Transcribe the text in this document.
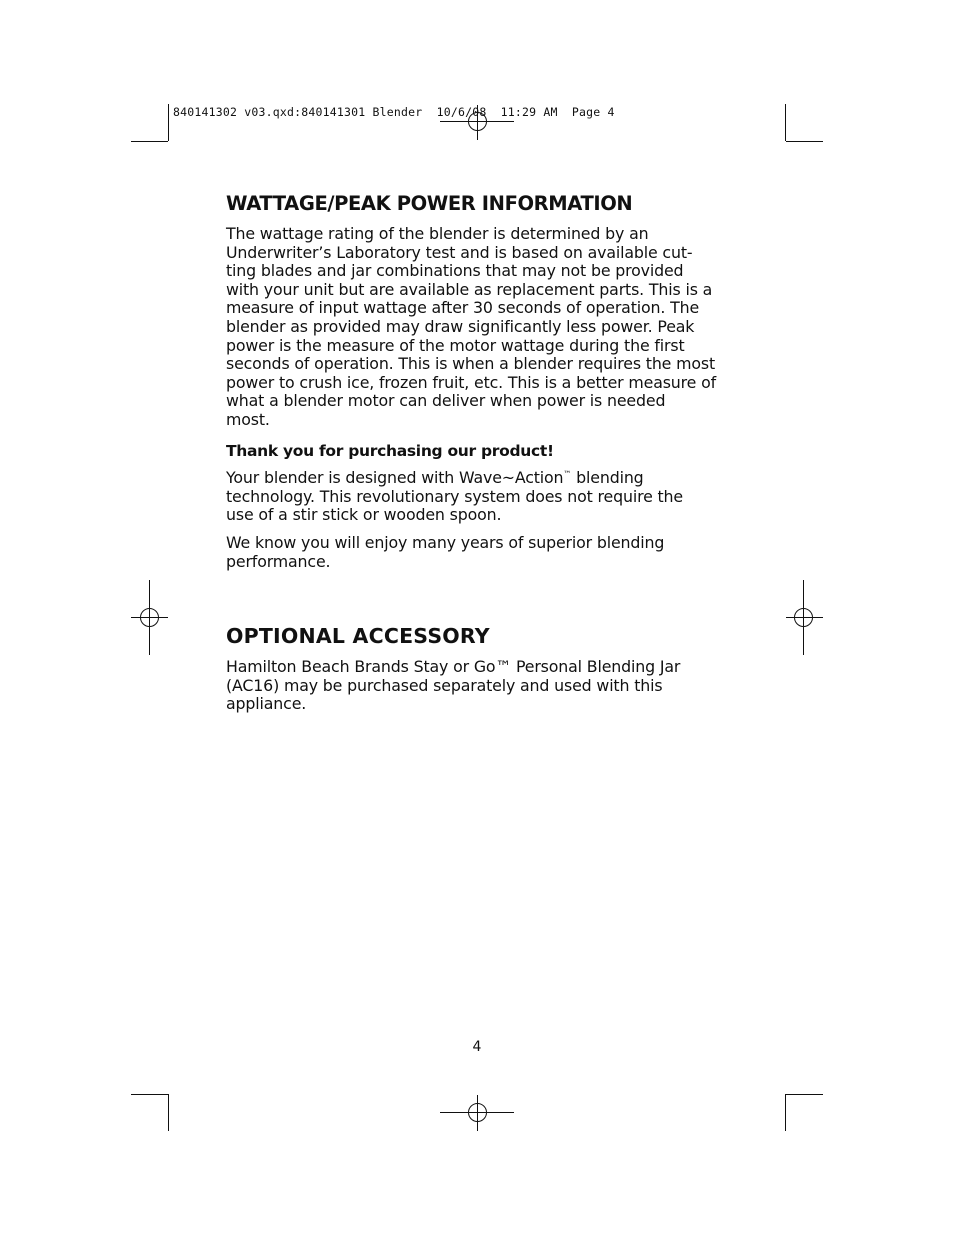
840141302 v03.qxd:840141301 Blender  10/6/08  11:29 AM  Page 4
WATTAGE/PEAK POWER INFORMATION

The wattage rating of the blender is determined by an

Underwriter’s Laboratory test and is based on available cut-

ting blades and jar combinations that may not be provided

with your unit but are available as replacement parts. This is a

measure of input wattage after 30 seconds of operation. The

blender as provided may draw significantly less power. Peak

power is the measure of the motor wattage during the first

seconds of operation. This is when a blender requires the most

power to crush ice, frozen fruit, etc. This is a better measure of

what a blender motor can deliver when power is needed

most.

Thank you for purchasing our product!

Your blender is designed with Wave~Action™ blending

technology. This revolutionary system does not require the

use of a stir stick or wooden spoon.

We know you will enjoy many years of superior blending

performance.

OPTIONAL ACCESSORY

Hamilton Beach Brands Stay or Go™ Personal Blending Jar

(AC16) may be purchased separately and used with this

appliance.

4
